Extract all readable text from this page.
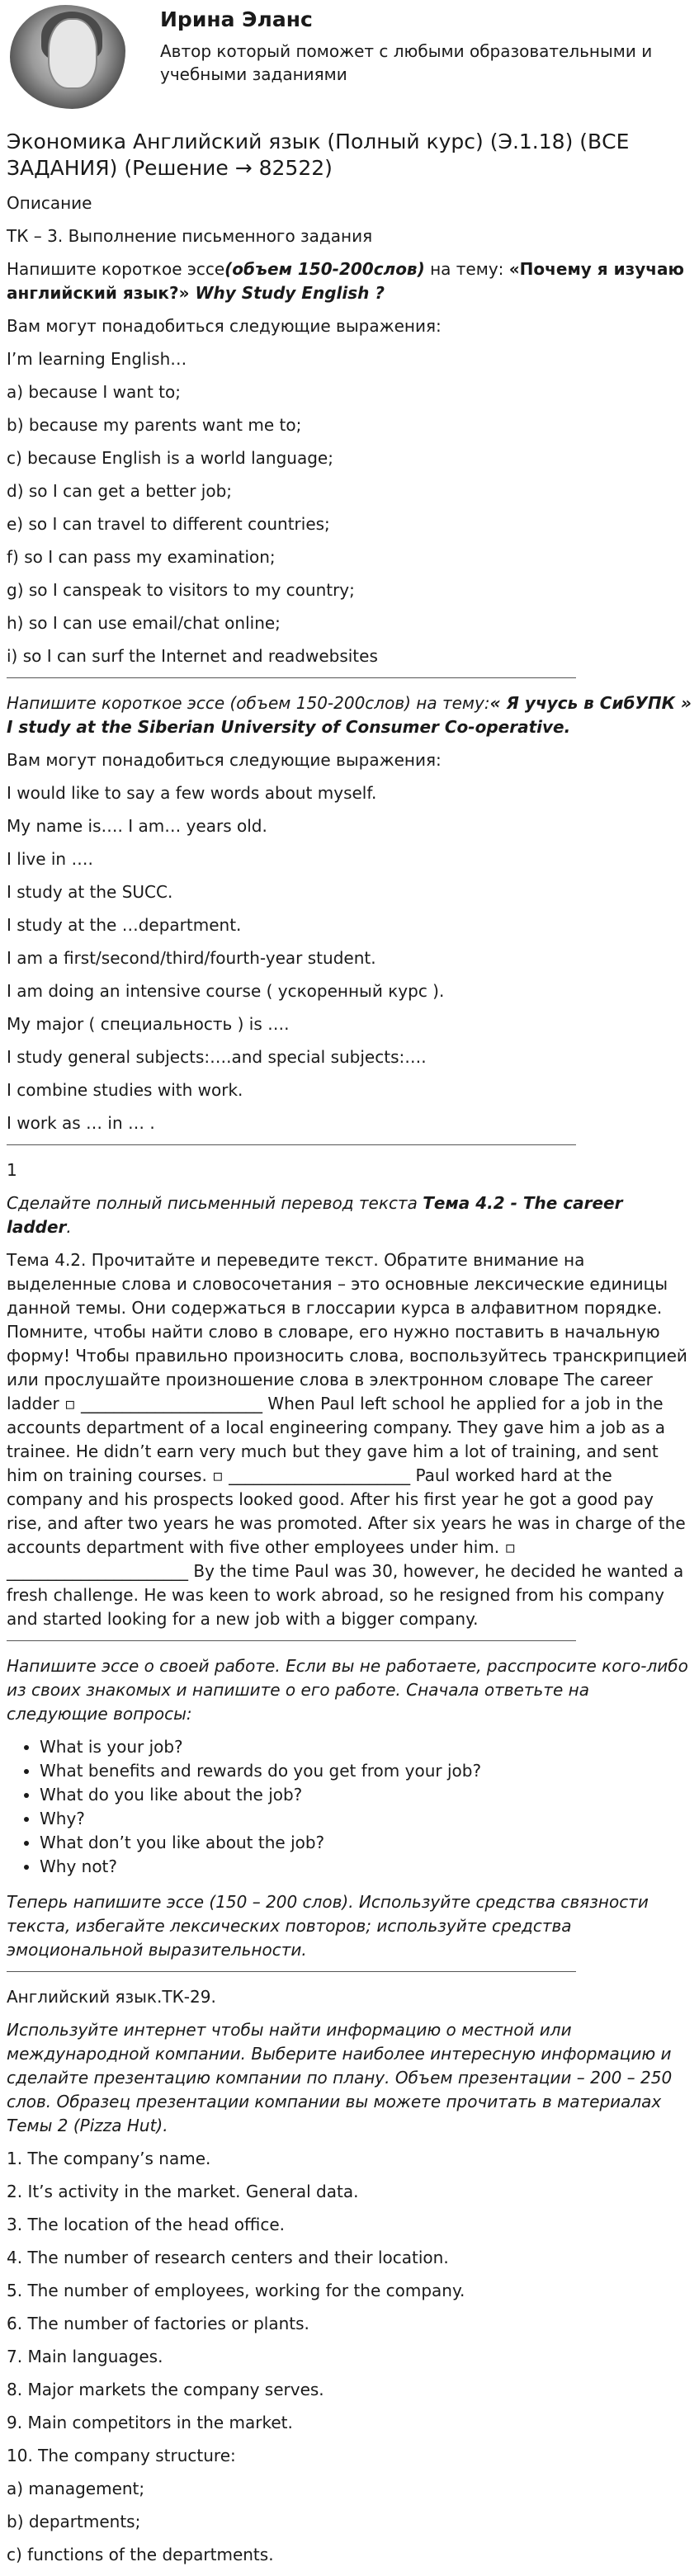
Ирина Эланс
Автор который поможет с любыми образовательными и учебными заданиями
Экономика Английский язык (Полный курс) (Э.1.18) (ВСЕ ЗАДАНИЯ) (Решение → 82522)

Описание

ТК – 3. Выполнение письменного задания

Напишите короткое эссе(объем 150-200слов) на тему: «Почему я изучаю английский язык?» Why Study English ?

Вам могут понадобиться следующие выражения:

I’m learning English…

a) because I want to;

b) because my parents want me to;

c) because English is a world language;

d) so I can get a better job;

e) so I can travel to different countries;

f) so I can pass my examination;

g) so I canspeak to visitors to my country;

h) so I can use email/chat online;

i) so I can surf the Internet and readwebsites

Напишите короткое эссе (объем 150-200слов) на тему:« Я учусь в СибУПК » I study at the Siberian University of Consumer Co-operative.

Вам могут понадобиться следующие выражения:

I would like to say a few words about myself.

My name is…. I am… years old.

I live in ….

I study at the SUCC.

I study at the …department.

I am a first/second/third/fourth-year student.

I am doing an intensive course ( ускоренный курс ).

My major ( специальность ) is ….

I study general subjects:….and special subjects:….

I combine studies with work.

I work as … in … .

1

Сделайте полный письменный перевод текста Тема 4.2 - The career ladder.

Тема 4.2. Прочитайте и переведите текст. Обратите внимание на выделенные слова и словосочетания – это основные лексические единицы данной темы. Они содержаться в глоссарии курса в алфавитном порядке. Помните, чтобы найти слово в словаре, его нужно поставить в начальную форму! Чтобы правильно произносить слова, воспользуйтесь транскрипцией или прослушайте произношение слова в электронном словаре The career ladder ▫ ______________________ When Paul left school he applied for a job in the accounts department of a local engineering company. They gave him a job as a trainee. He didn’t earn very much but they gave him a lot of training, and sent him on training courses. ▫ ______________________ Paul worked hard at the company and his prospects looked good. After his first year he got a good pay rise, and after two years he was promoted. After six years he was in charge of the accounts department with five other employees under him. ▫ ______________________ By the time Paul was 30, however, he decided he wanted a fresh challenge. He was keen to work abroad, so he resigned from his company and started looking for a new job with a bigger company.

Напишите эссе о своей работе. Если вы не работаете, расспросите кого-либо из своих знакомых и напишите о его работе. Сначала ответьте на следующие вопросы:

• What is your job?
• What benefits and rewards do you get from your job?
• What do you like about the job?
• Why?
• What don’t you like about the job?
• Why not?

Теперь напишите эссе (150 – 200 слов). Используйте средства связности текста, избегайте лексических повторов; используйте средства эмоциональной выразительности.

Английский язык.ТК-29.

Используйте интернет чтобы найти информацию о местной или международной компании. Выберите наиболее интересную информацию и сделайте презентацию компании по плану. Объем презентации – 200 – 250 слов. Образец презентации компании вы можете прочитать в материалах Темы 2 (Pizza Hut).

1. The company’s name.

2. It’s activity in the market. General data.

3. The location of the head office.

4. The number of research centers and their location.

5. The number of employees, working for the company.

6. The number of factories or plants.

7. Main languages.

8. Major markets the company serves.

9. Main competitors in the market.

10. The company structure:

a) management;

b) departments;

c) functions of the departments.
